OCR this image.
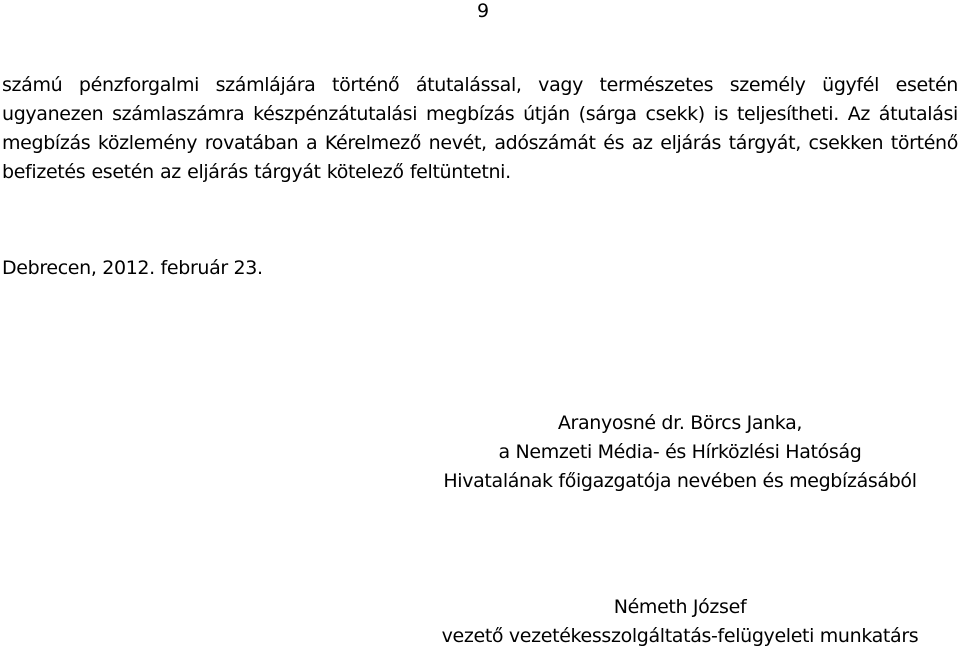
9

számú pénzforgalmi számlájára történő átutalással, vagy természetes személy ügyfél esetén ugyanezen számlaszámra készpénzátutalási megbízás útján (sárga csekk) is teljesítheti. Az átutalási megbízás közlemény rovatában a Kérelmező nevét, adószámát és az eljárás tárgyát, csekken történő befizetés esetén az eljárás tárgyát kötelező feltüntetni.

Debrecen, 2012. február 23.

Aranyosné dr. Börcs Janka,
a Nemzeti Média- és Hírközlési Hatóság
Hivatalának főigazgatója nevében és megbízásából
Németh József
vezető vezetékesszolgáltatás-felügyeleti munkatárs
